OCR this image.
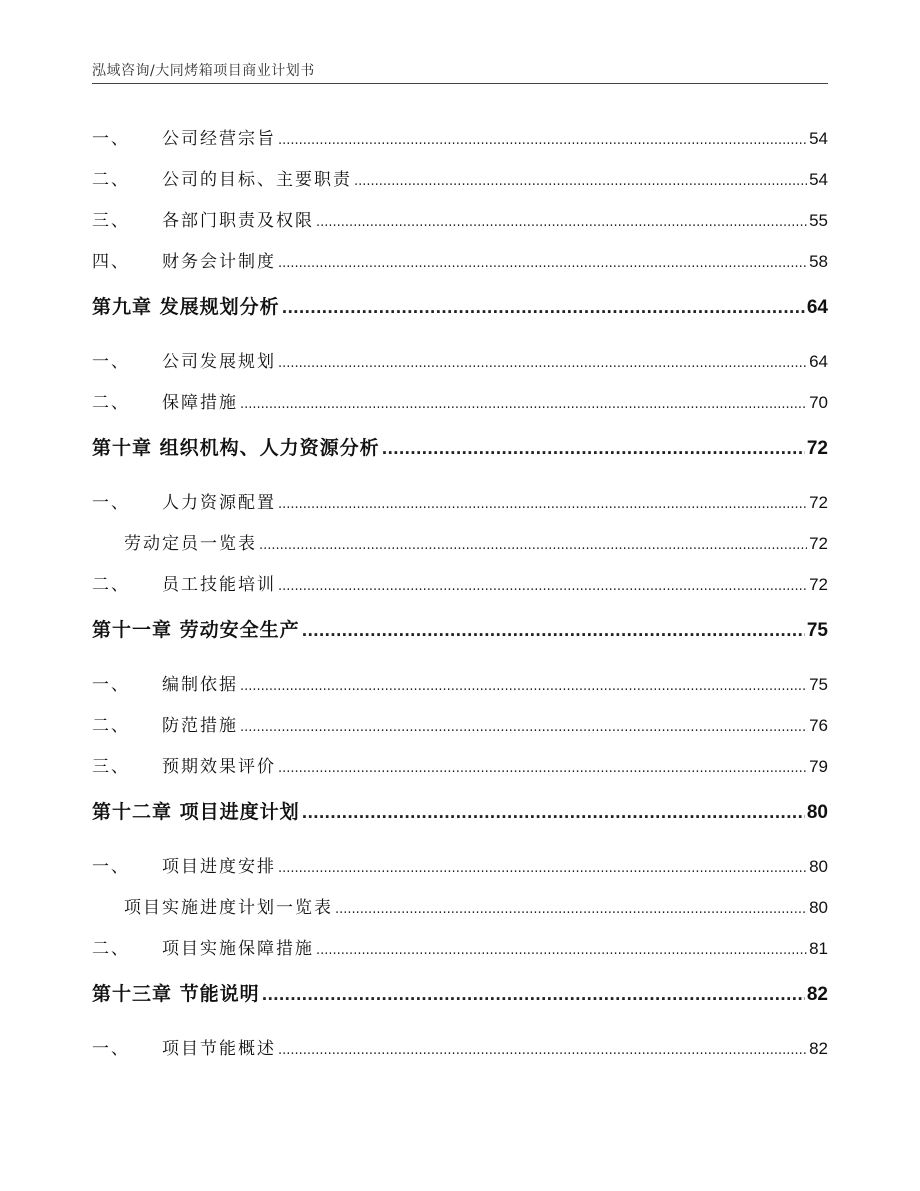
泓域咨询/大同烤箱项目商业计划书
一、 公司经营宗旨 .....	54
二、 公司的目标、主要职责 .....	54
三、 各部门职责及权限 .....	55
四、 财务会计制度 .....	58
第九章 发展规划分析 .....	64
一、 公司发展规划 .....	64
二、 保障措施 .....	70
第十章 组织机构、人力资源分析 .....	72
一、 人力资源配置 .....	72
劳动定员一览表 .....	72
二、 员工技能培训 .....	72
第十一章 劳动安全生产 .....	75
一、 编制依据 .....	75
二、 防范措施 .....	76
三、 预期效果评价 .....	79
第十二章 项目进度计划 .....	80
一、 项目进度安排 .....	80
项目实施进度计划一览表 .....	80
二、 项目实施保障措施 .....	81
第十三章 节能说明 .....	82
一、 项目节能概述 .....	82
